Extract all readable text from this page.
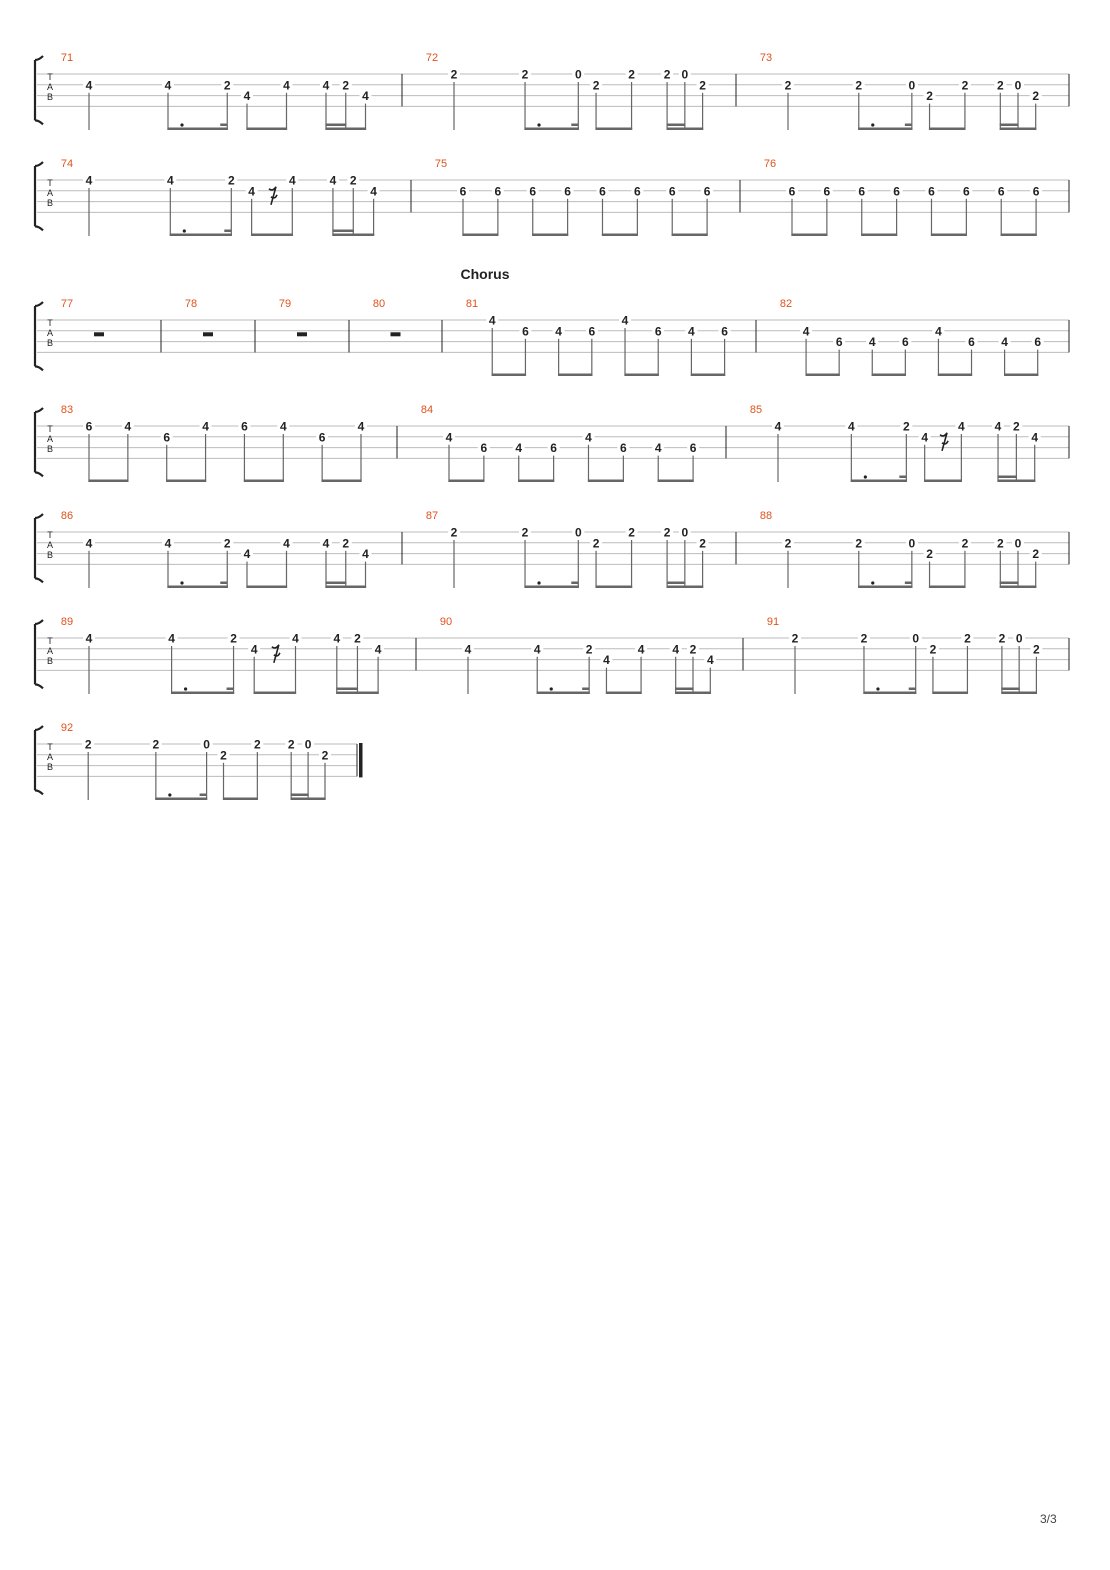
T
A
B
71
4	4	2
4
4	4 2
4
72
2	2	0
2
2 2 0
2
73
2	2	0
2
2 2 0
2
T
A
B
74
4	4	2
4
4	4 2
4
75
6 6 6 6 6 6 6 6
76
6 6 6 6 6 6 6 6
T
A
B
Chorus
77	78	79	80	81
4
6 4 6
4
6 4 6
82
4
6 4 6
4
6 4 6
T
A
B
83
6	4
6
4	6	4
6
4
84
4
6 4 6
4
6 4 6
85
4	4	2
4
4 4 2
4
T
A
B
86
4	4	2
4
4	4 2
4
87
2	2	0
2
2 2 0
2
88
2	2	0
2
2 2 0
2
T
A
B
89
4	4	2
4
4	4 2
4
90
4	4	2
4
4 4 2
4
91
2	2	0
2
2 2 0
2
T
A
B
92
2	2	0
2
2 2 0
2
3/3
